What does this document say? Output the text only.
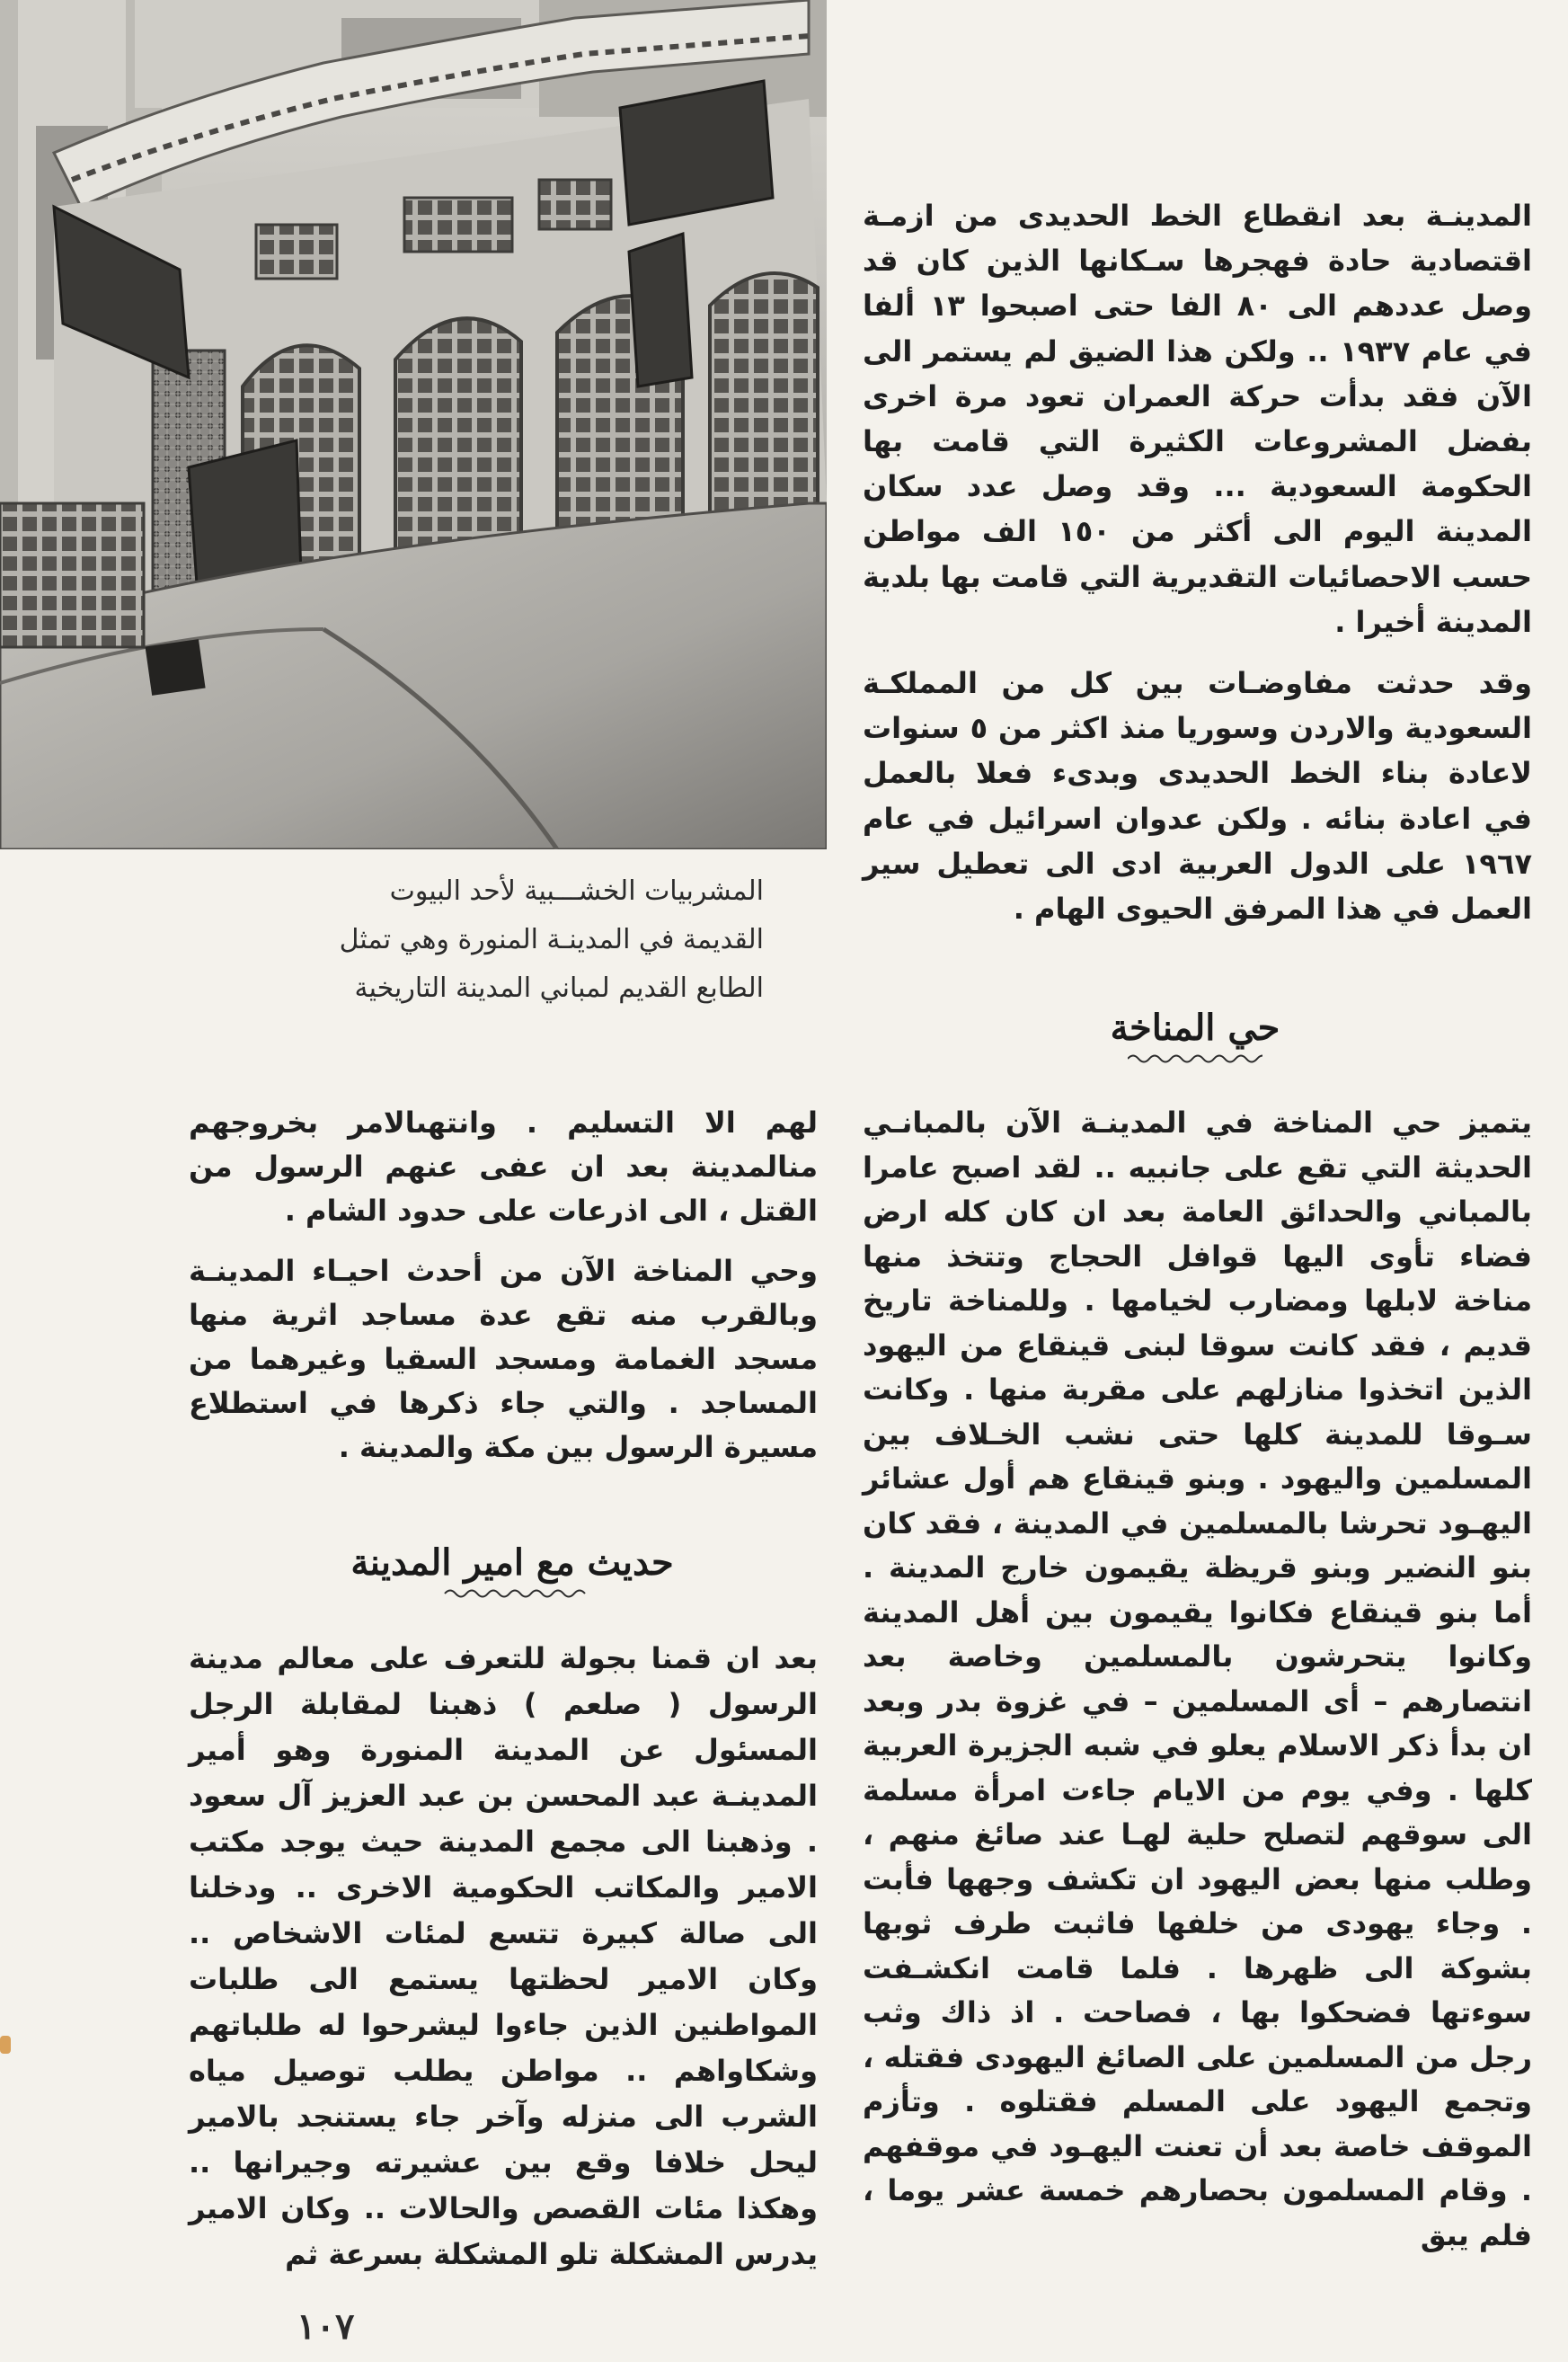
المشربيات الخشـــبية لأحد البيوت

القديمة في المدينـة المنورة وهي تمثل

الطابع القديم لمباني المدينة التاريخية

المدينـة بعد انقطاع الخط الحديدى من ازمـة اقتصادية حادة فهجرها سـكانها الذين كان قد وصل عددهم الى ٨٠ الفا حتى اصبحوا ١٣ ألفا في عام ١٩٣٧ .. ولكن هذا الضيق لم يستمر الى الآن فقد بدأت حركة العمران تعود مرة اخرى بفضل المشروعات الكثيرة التي قامت بها الحكومة السعودية ... وقد وصل عدد سكان المدينة اليوم الى أكثر من ١٥٠ الف مواطن حسب الاحصائيات التقديرية التي قامت بها بلدية المدينة أخيرا .

وقد حدثت مفاوضـات بين كل من المملكـة السعودية والاردن وسوريا منذ اكثر من ٥ سنوات لاعادة بناء الخط الحديدى وبدىء فعلا بالعمل في اعادة بنائه . ولكن عدوان اسرائيل في عام ١٩٦٧ على الدول العربية ادى الى تعطيل سير العمل في هذا المرفق الحيوى الهام .

حي المناخة

يتميز حي المناخة في المدينـة الآن بالمبانـي الحديثة التي تقع على جانبيه .. لقد اصبح عامرا بالمباني والحدائق العامة بعد ان كان كله ارض فضاء تأوى اليها قوافل الحجاج وتتخذ منها مناخة لابلها ومضارب لخيامها . وللمناخة تاريخ قديم ، فقد كانت سوقا لبنى قينقاع من اليهود الذين اتخذوا منازلهم على مقربة منها . وكانت سـوقا للمدينة كلها حتى نشب الخـلاف بين المسلمين واليهود . وبنو قينقاع هم أول عشائر اليهـود تحرشا بالمسلمين في المدينة ، فقد كان بنو النضير وبنو قريظة يقيمون خارج المدينة . أما بنو قينقاع فكانوا يقيمون بين أهل المدينة وكانوا يتحرشون بالمسلمين وخاصة بعد انتصارهم – أى المسلمين – في غزوة بدر وبعد ان بدأ ذكر الاسلام يعلو في شبه الجزيرة العربية كلها . وفي يوم من الايام جاءت امرأة مسلمة الى سوقهم لتصلح حلية لهـا عند صائغ منهم ، وطلب منها بعض اليهود ان تكشف وجهها فأبت . وجاء يهودى من خلفها فاثبت طرف ثوبها بشوكة الى ظهرها . فلما قامت انكشـفت سوءتها فضحكوا بها ، فصاحت . اذ ذاك وثب رجل من المسلمين على الصائغ اليهودى فقتله ، وتجمع اليهود على المسلم فقتلوه . وتأزم الموقف خاصة بعد أن تعنت اليهـود في موقفهم . وقام المسلمون بحصارهم خمسة عشر يوما ، فلم يبق

لهم الا التسليم . وانتهىالامر بخروجهم منالمدينة بعد ان عفى عنهم الرسول من القتل ، الى اذرعات على حدود الشام .

وحي المناخة الآن من أحدث احيـاء المدينـة وبالقرب منه تقع عدة مساجد اثرية منها مسجد الغمامة ومسجد السقيا وغيرهما من المساجد . والتي جاء ذكرها في استطلاع مسيرة الرسول بين مكة والمدينة .

حديث مع امير المدينة

بعد ان قمنا بجولة للتعرف على معالم مدينة الرسول ( صلعم ) ذهبنا لمقابلة الرجل المسئول عن المدينة المنورة وهو أمير المدينـة عبد المحسن بن عبد العزيز آل سعود . وذهبنا الى مجمع المدينة حيث يوجد مكتب الامير والمكاتب الحكومية الاخرى .. ودخلنا الى صالة كبيرة تتسع لمئات الاشخاص .. وكان الامير لحظتها يستمع الى طلبات المواطنين الذين جاءوا ليشرحوا له طلباتهم وشكاواهم .. مواطن يطلب توصيل مياه الشرب الى منزله وآخر جاء يستنجد بالامير ليحل خلافا وقع بين عشيرته وجيرانها .. وهكذا مئات القصص والحالات .. وكان الامير يدرس المشكلة تلو المشكلة بسرعة ثم

١٠٧
